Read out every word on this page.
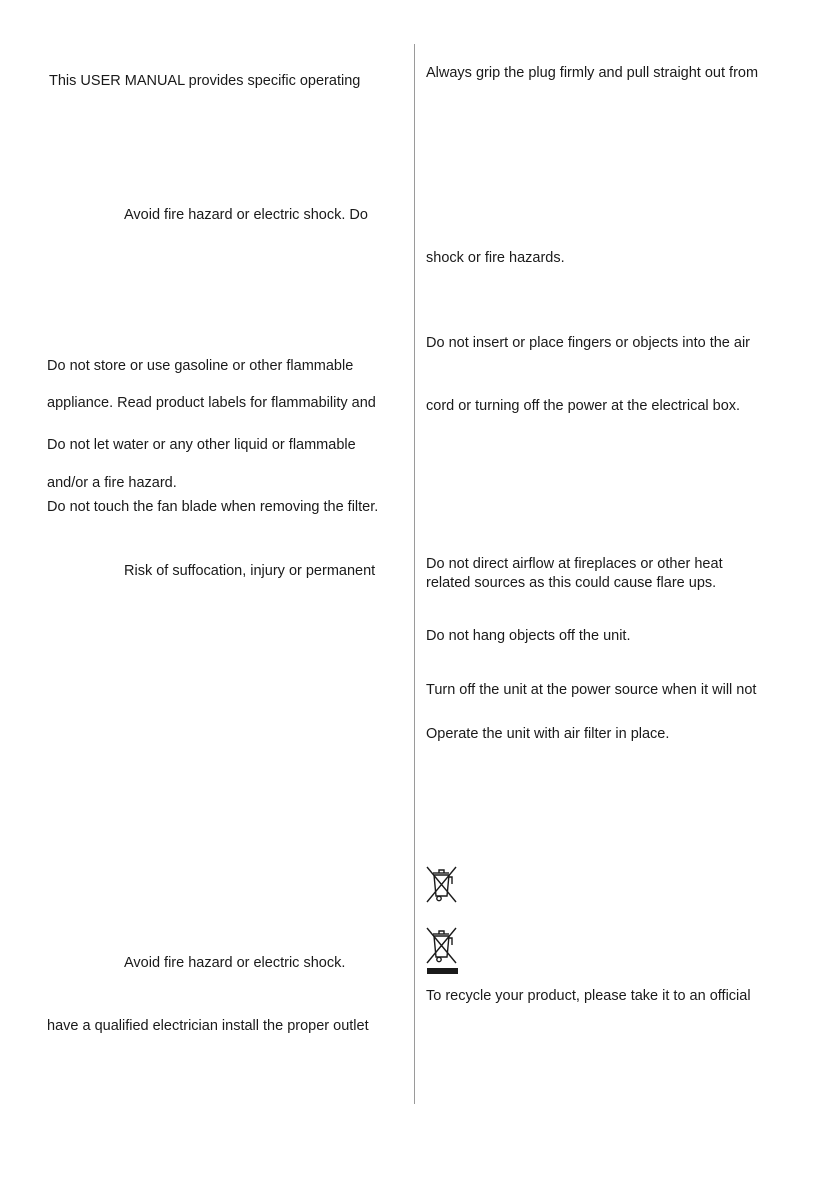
This USER MANUAL provides specific operating
Avoid fire hazard or electric shock. Do
Do not store or use gasoline or other flammable
appliance. Read product labels for flammability and
Do not let water or any other liquid or flammable
and/or a fire hazard.
Do not touch the fan blade when removing the filter.
Risk of suffocation, injury or permanent
Avoid fire hazard or electric shock.
have a qualified electrician install the proper outlet
Always grip the plug firmly and pull straight out from
shock or fire hazards.
Do not insert or place fingers or objects into the air
cord or turning off the power at the electrical box.
Do not direct airflow at fireplaces or other heat
related sources as this could cause flare ups.
Do not hang objects off the unit.
Turn off the unit at the power source when it will not
Operate the unit with air filter in place.
To recycle your product, please take it to an official
